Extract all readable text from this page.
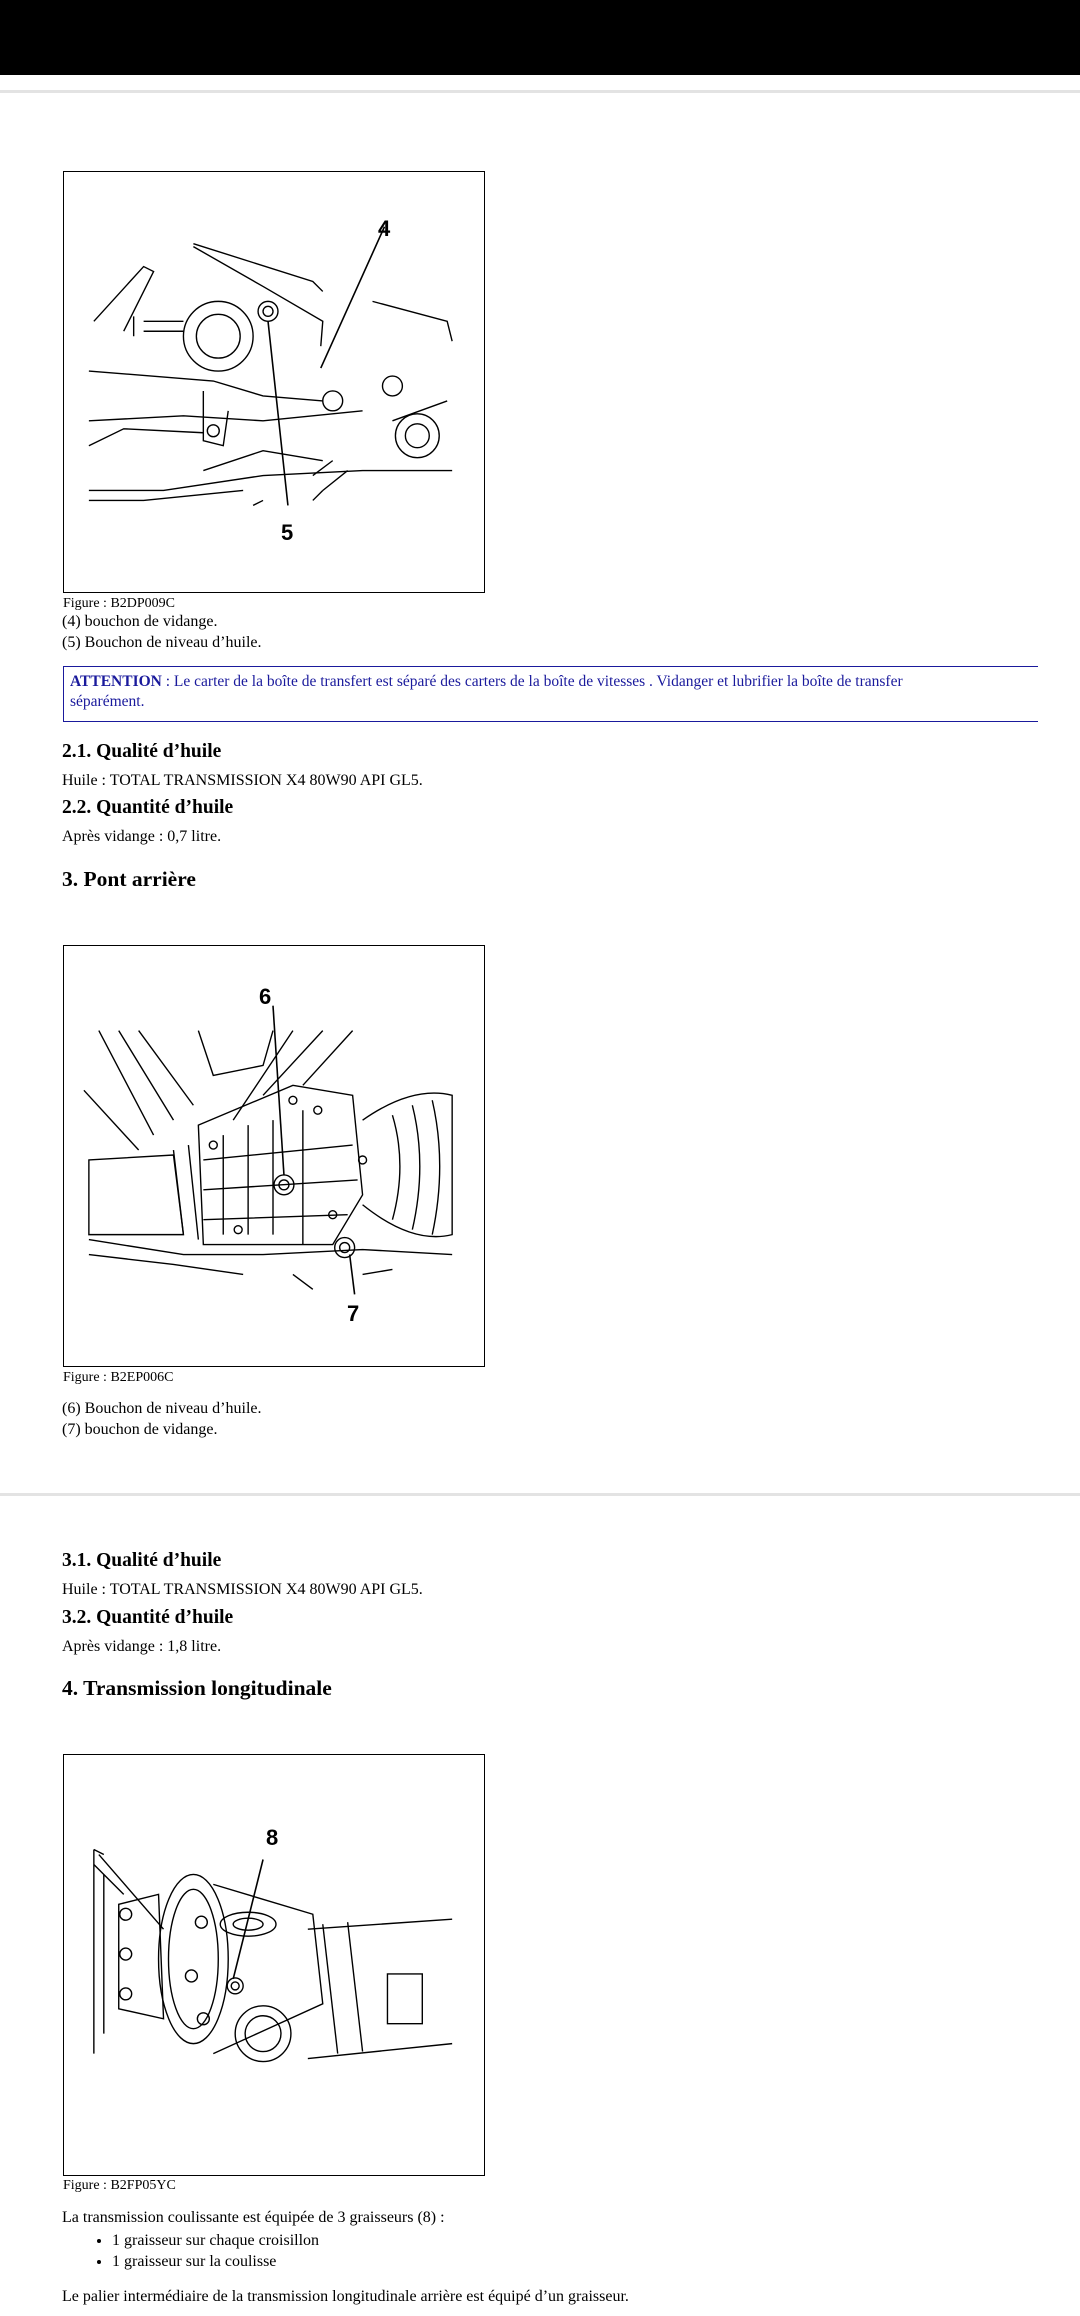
4
5
Figure : B2DP009C
(4) bouchon de vidange.
(5) Bouchon de niveau d’huile.
ATTENTION : Le carter de la boîte de transfert est séparé des carters de la boîte de vitesses . Vidanger et lubrifier la boîte de transfer
séparément.
2.1. Qualité d’huile
Huile : TOTAL TRANSMISSION X4 80W90 API GL5.
2.2. Quantité d’huile
Après vidange : 0,7 litre.
3. Pont arrière
6
7
Figure : B2EP006C
(6) Bouchon de niveau d’huile.
(7) bouchon de vidange.
3.1. Qualité d’huile
Huile : TOTAL TRANSMISSION X4 80W90 API GL5.
3.2. Quantité d’huile
Après vidange : 1,8 litre.
4. Transmission longitudinale
8
Figure : B2FP05YC
La transmission coulissante est équipée de 3 graisseurs (8) :
• 1 graisseur sur chaque croisillon
• 1 graisseur sur la coulisse
Le palier intermédiaire de la transmission longitudinale arrière est équipé d’un graisseur.
